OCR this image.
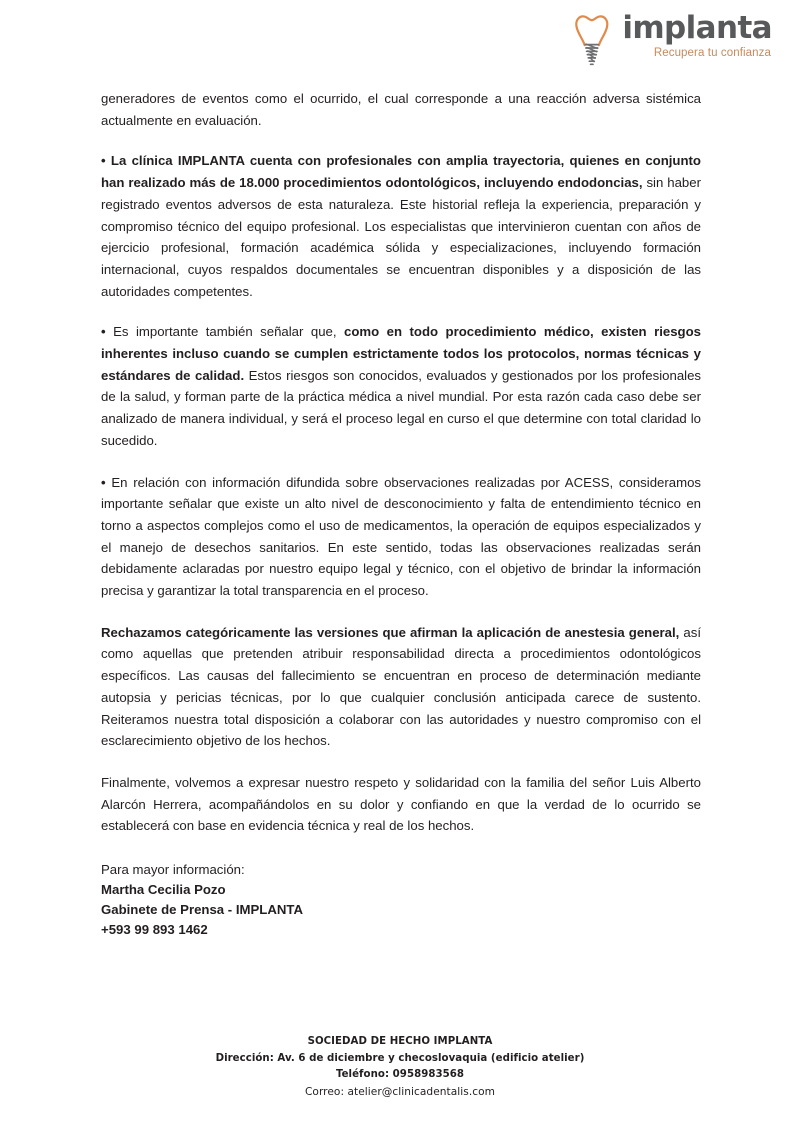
implanta
Recupera tu confianza

generadores de eventos como el ocurrido, el cual corresponde a una reacción adversa sistémica actualmente en evaluación.

• La clínica IMPLANTA cuenta con profesionales con amplia trayectoria, quienes en conjunto han realizado más de 18.000 procedimientos odontológicos, incluyendo endodoncias, sin haber registrado eventos adversos de esta naturaleza. Este historial refleja la experiencia, preparación y compromiso técnico del equipo profesional. Los especialistas que intervinieron cuentan con años de ejercicio profesional, formación académica sólida y especializaciones, incluyendo formación internacional, cuyos respaldos documentales se encuentran disponibles y a disposición de las autoridades competentes.

• Es importante también señalar que, como en todo procedimiento médico, existen riesgos inherentes incluso cuando se cumplen estrictamente todos los protocolos, normas técnicas y estándares de calidad. Estos riesgos son conocidos, evaluados y gestionados por los profesionales de la salud, y forman parte de la práctica médica a nivel mundial. Por esta razón cada caso debe ser analizado de manera individual, y será el proceso legal en curso el que determine con total claridad lo sucedido.

• En relación con información difundida sobre observaciones realizadas por ACESS, consideramos importante señalar que existe un alto nivel de desconocimiento y falta de entendimiento técnico en torno a aspectos complejos como el uso de medicamentos, la operación de equipos especializados y el manejo de desechos sanitarios. En este sentido, todas las observaciones realizadas serán debidamente aclaradas por nuestro equipo legal y técnico, con el objetivo de brindar la información precisa y garantizar la total transparencia en el proceso.

Rechazamos categóricamente las versiones que afirman la aplicación de anestesia general, así como aquellas que pretenden atribuir responsabilidad directa a procedimientos odontológicos específicos. Las causas del fallecimiento se encuentran en proceso de determinación mediante autopsia y pericias técnicas, por lo que cualquier conclusión anticipada carece de sustento. Reiteramos nuestra total disposición a colaborar con las autoridades y nuestro compromiso con el esclarecimiento objetivo de los hechos.

Finalmente, volvemos a expresar nuestro respeto y solidaridad con la familia del señor Luis Alberto Alarcón Herrera, acompañándolos en su dolor y confiando en que la verdad de lo ocurrido se establecerá con base en evidencia técnica y real de los hechos.

Para mayor información:
Martha Cecilia Pozo
Gabinete de Prensa - IMPLANTA
+593 99 893 1462
SOCIEDAD DE HECHO IMPLANTA
Dirección: Av. 6 de diciembre y checoslovaquia (edificio atelier)
Teléfono: 0958983568
Correo: atelier@clinicadentalis.com
